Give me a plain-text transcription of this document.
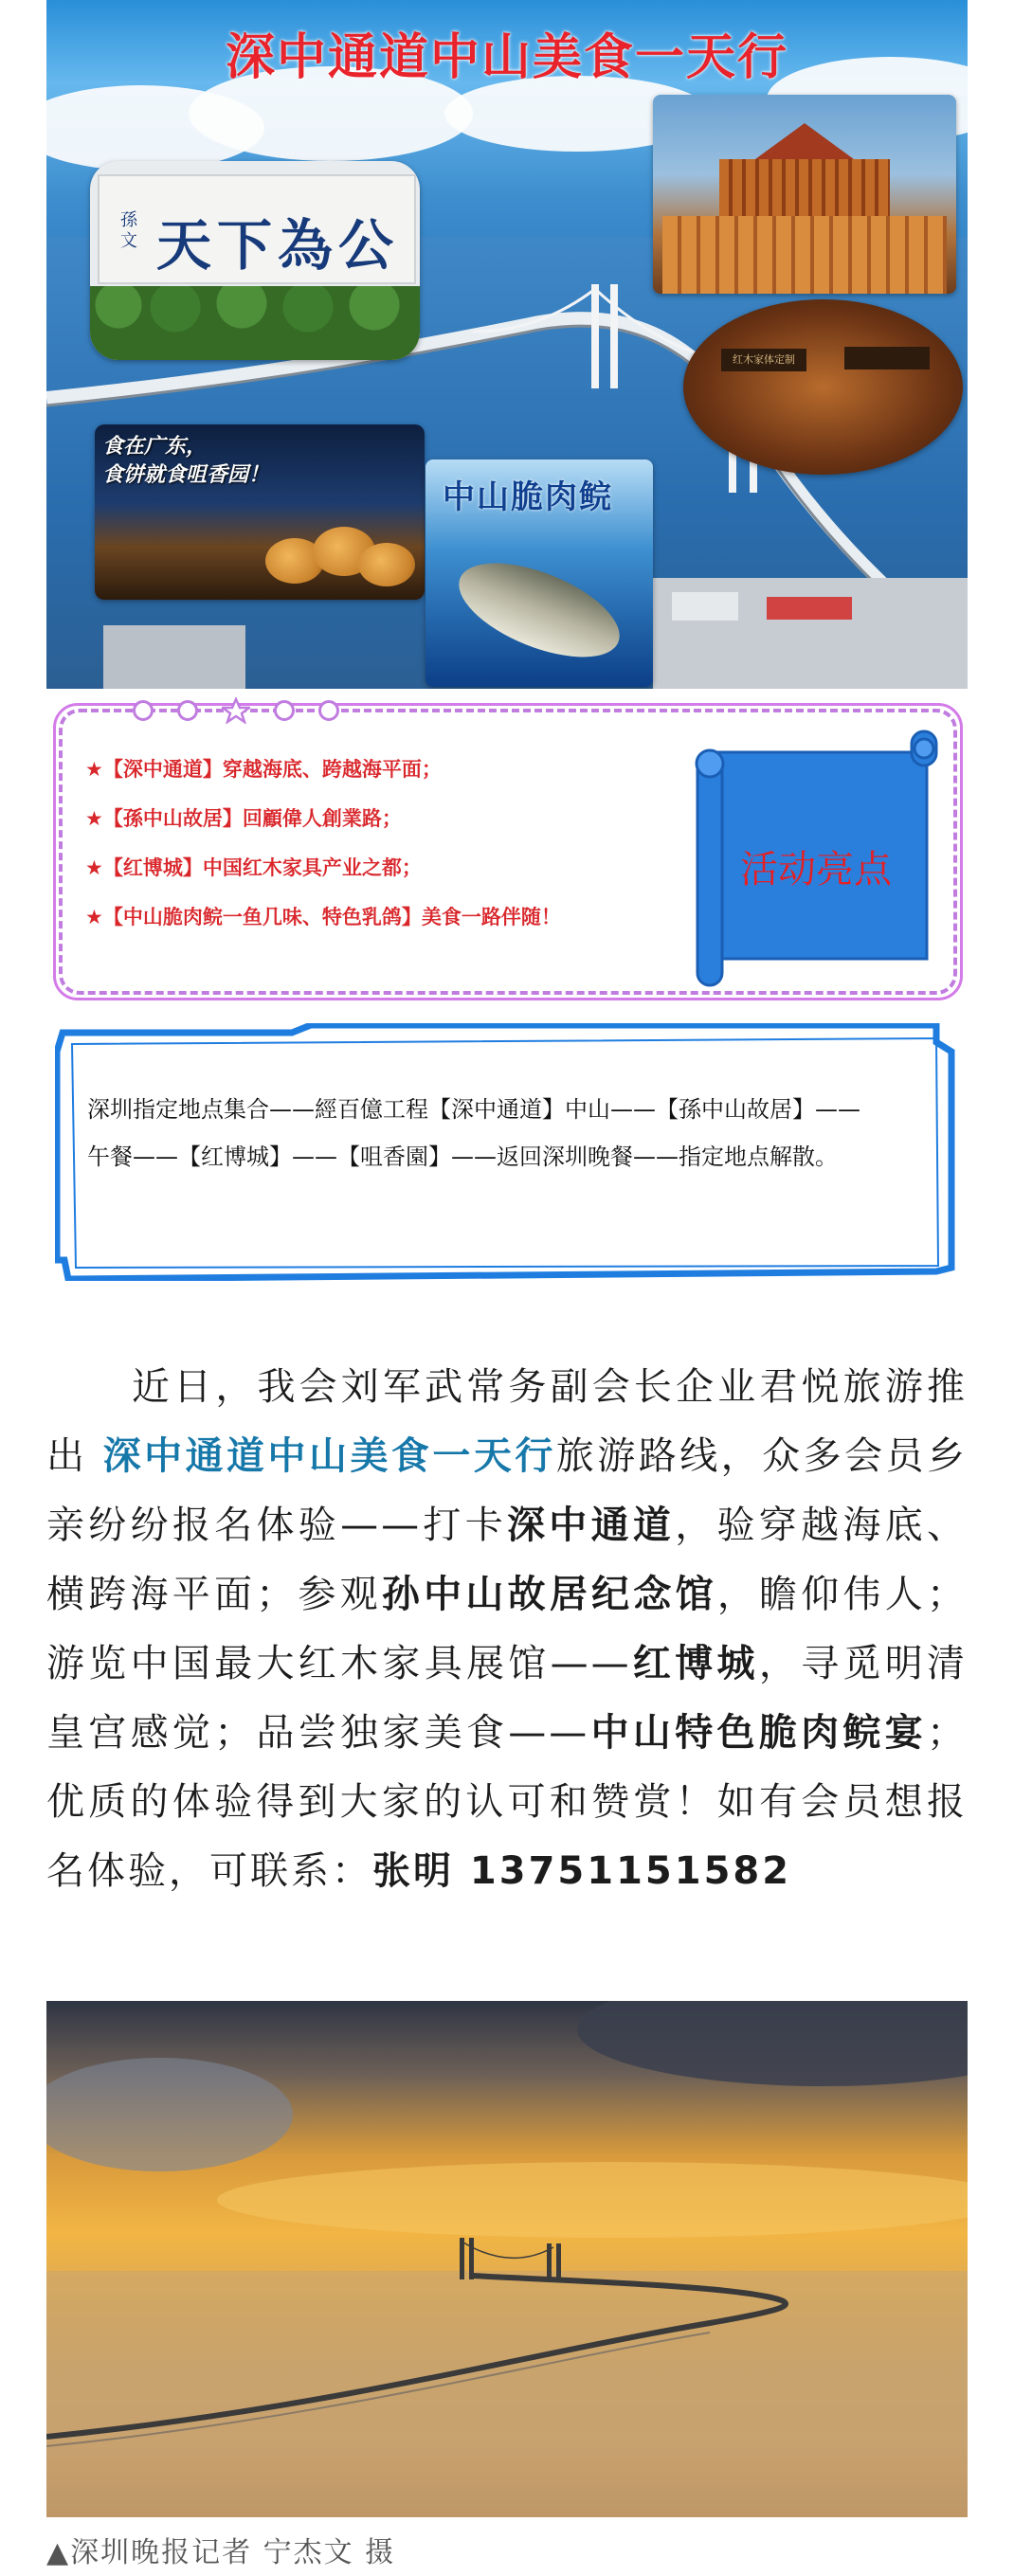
深中通道中山美食一天行
孫文 天下為公
红木家体定制
食在广东，
食饼就食咀香园！
中山脆肉鲩

★【深中通道】穿越海底、跨越海平面；
★【孫中山故居】回顧偉人創業路；
★【红博城】中国红木家具产业之都；
★【中山脆肉鲩一鱼几味、特色乳鸽】美食一路伴随！
活动亮点
深圳指定地点集合——經百億工程【深中通道】中山——【孫中山故居】——
午餐——【红博城】——【咀香園】——返回深圳晚餐——指定地点解散。

近日，我会刘军武常务副会长企业君悦旅游推出 深中通道中山美食一天行旅游路线，众多会员乡亲纷纷报名体验——打卡深中通道，验穿越海底、横跨海平面；参观孙中山故居纪念馆，瞻仰伟人；游览中国最大红木家具展馆——红博城，寻觅明清皇宫感觉；品尝独家美食——中山特色脆肉鲩宴；优质的体验得到大家的认可和赞赏！如有会员想报名体验，可联系：张明 13751151582

▲深圳晚报记者 宁杰文 摄
